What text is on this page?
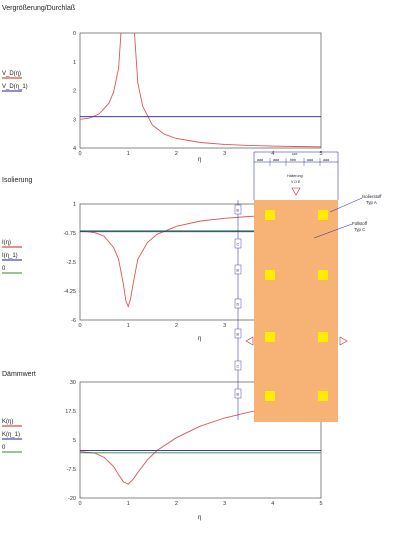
Vergrößerung/Durchlaß
0	1	2	3	4	5
0
1
2
3
4
η
V_D(η)
V_D(η_1)
Isolierung
0	1	2	3
1
-0.75
-2.5
-4.25
-6
η
I(η)
I(η_1)
0
Dämmwert
0	1	2	3	4	5
30
17.5
5
-7.5
-20
η
K(η)
K(η_1)
0
ccc
aaa	aaa	bbb	aaa	aaa
Halterung
V D E
B
C
B
D
B
C
B
Isolierstoff
Typ A
Füllstoff
Typ C
